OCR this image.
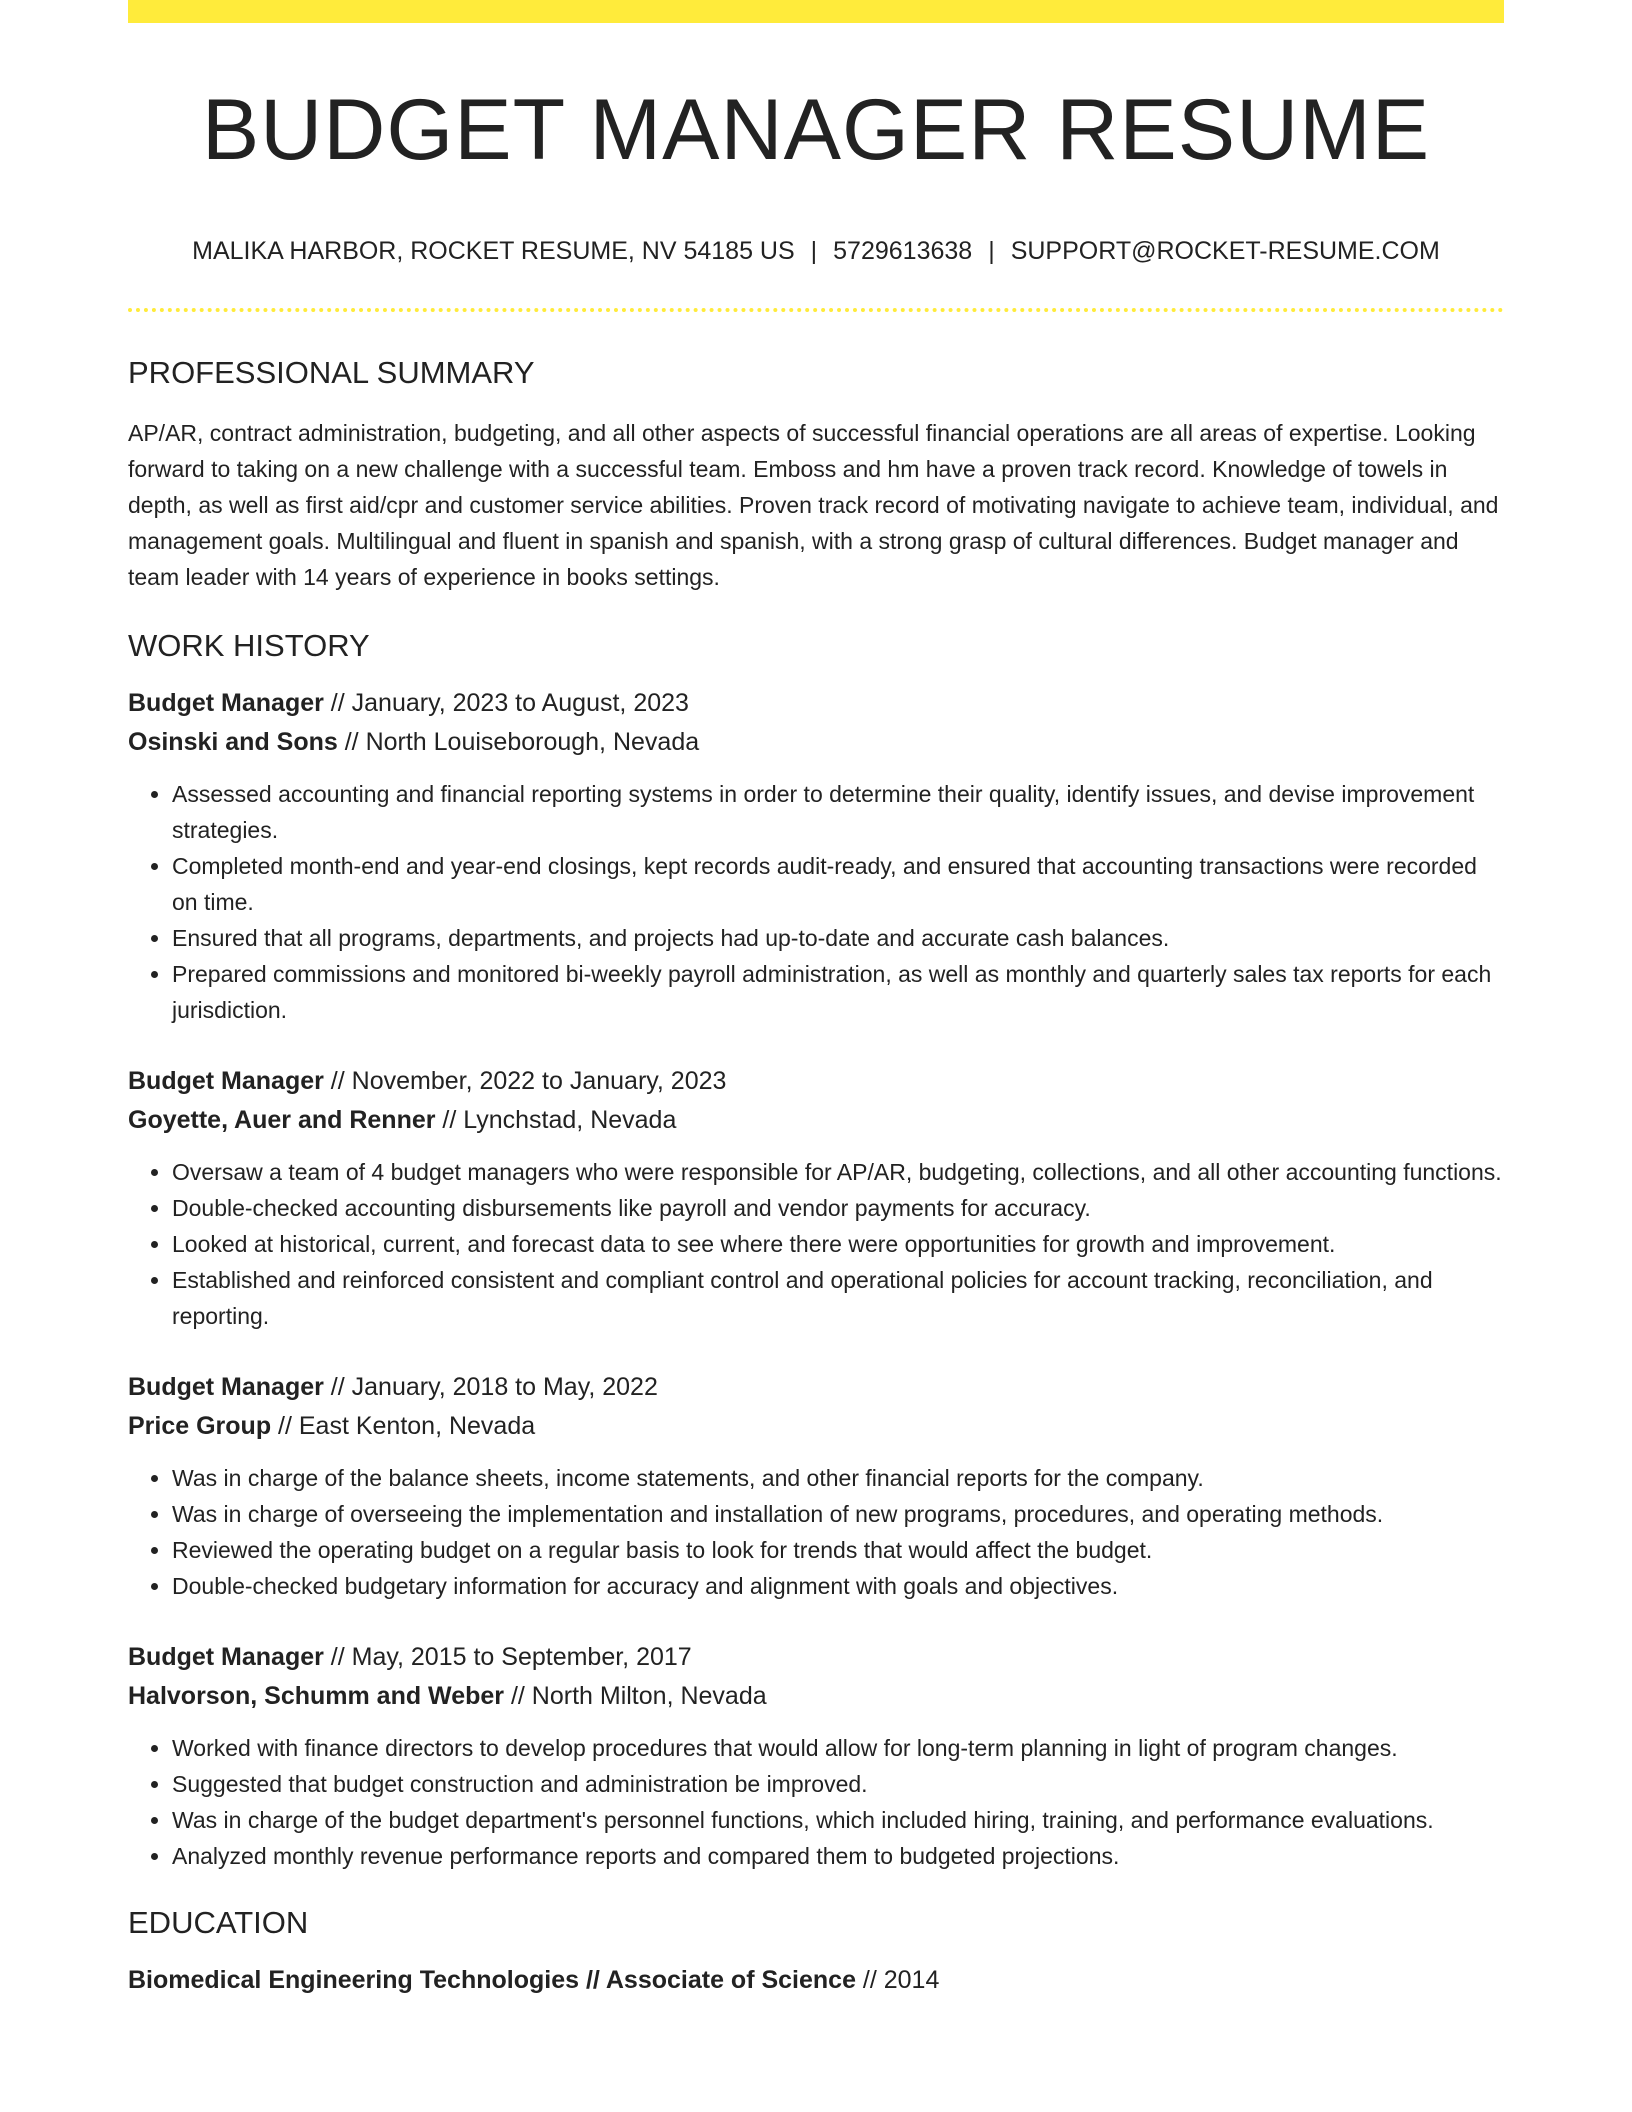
BUDGET MANAGER RESUME
MALIKA HARBOR, ROCKET RESUME, NV 54185 US | 5729613638 | SUPPORT@ROCKET-RESUME.COM
PROFESSIONAL SUMMARY
AP/AR, contract administration, budgeting, and all other aspects of successful financial operations are all areas of expertise. Looking forward to taking on a new challenge with a successful team. Emboss and hm have a proven track record. Knowledge of towels in depth, as well as first aid/cpr and customer service abilities. Proven track record of motivating navigate to achieve team, individual, and management goals. Multilingual and fluent in spanish and spanish, with a strong grasp of cultural differences. Budget manager and team leader with 14 years of experience in books settings.
WORK HISTORY
Budget Manager // January, 2023 to August, 2023
Osinski and Sons // North Louiseborough, Nevada
• Assessed accounting and financial reporting systems in order to determine their quality, identify issues, and devise improvement strategies.
• Completed month-end and year-end closings, kept records audit-ready, and ensured that accounting transactions were recorded on time.
• Ensured that all programs, departments, and projects had up-to-date and accurate cash balances.
• Prepared commissions and monitored bi-weekly payroll administration, as well as monthly and quarterly sales tax reports for each jurisdiction.
Budget Manager // November, 2022 to January, 2023
Goyette, Auer and Renner // Lynchstad, Nevada
• Oversaw a team of 4 budget managers who were responsible for AP/AR, budgeting, collections, and all other accounting functions.
• Double-checked accounting disbursements like payroll and vendor payments for accuracy.
• Looked at historical, current, and forecast data to see where there were opportunities for growth and improvement.
• Established and reinforced consistent and compliant control and operational policies for account tracking, reconciliation, and reporting.
Budget Manager // January, 2018 to May, 2022
Price Group // East Kenton, Nevada
• Was in charge of the balance sheets, income statements, and other financial reports for the company.
• Was in charge of overseeing the implementation and installation of new programs, procedures, and operating methods.
• Reviewed the operating budget on a regular basis to look for trends that would affect the budget.
• Double-checked budgetary information for accuracy and alignment with goals and objectives.
Budget Manager // May, 2015 to September, 2017
Halvorson, Schumm and Weber // North Milton, Nevada
• Worked with finance directors to develop procedures that would allow for long-term planning in light of program changes.
• Suggested that budget construction and administration be improved.
• Was in charge of the budget department's personnel functions, which included hiring, training, and performance evaluations.
• Analyzed monthly revenue performance reports and compared them to budgeted projections.
EDUCATION
Biomedical Engineering Technologies // Associate of Science // 2014
